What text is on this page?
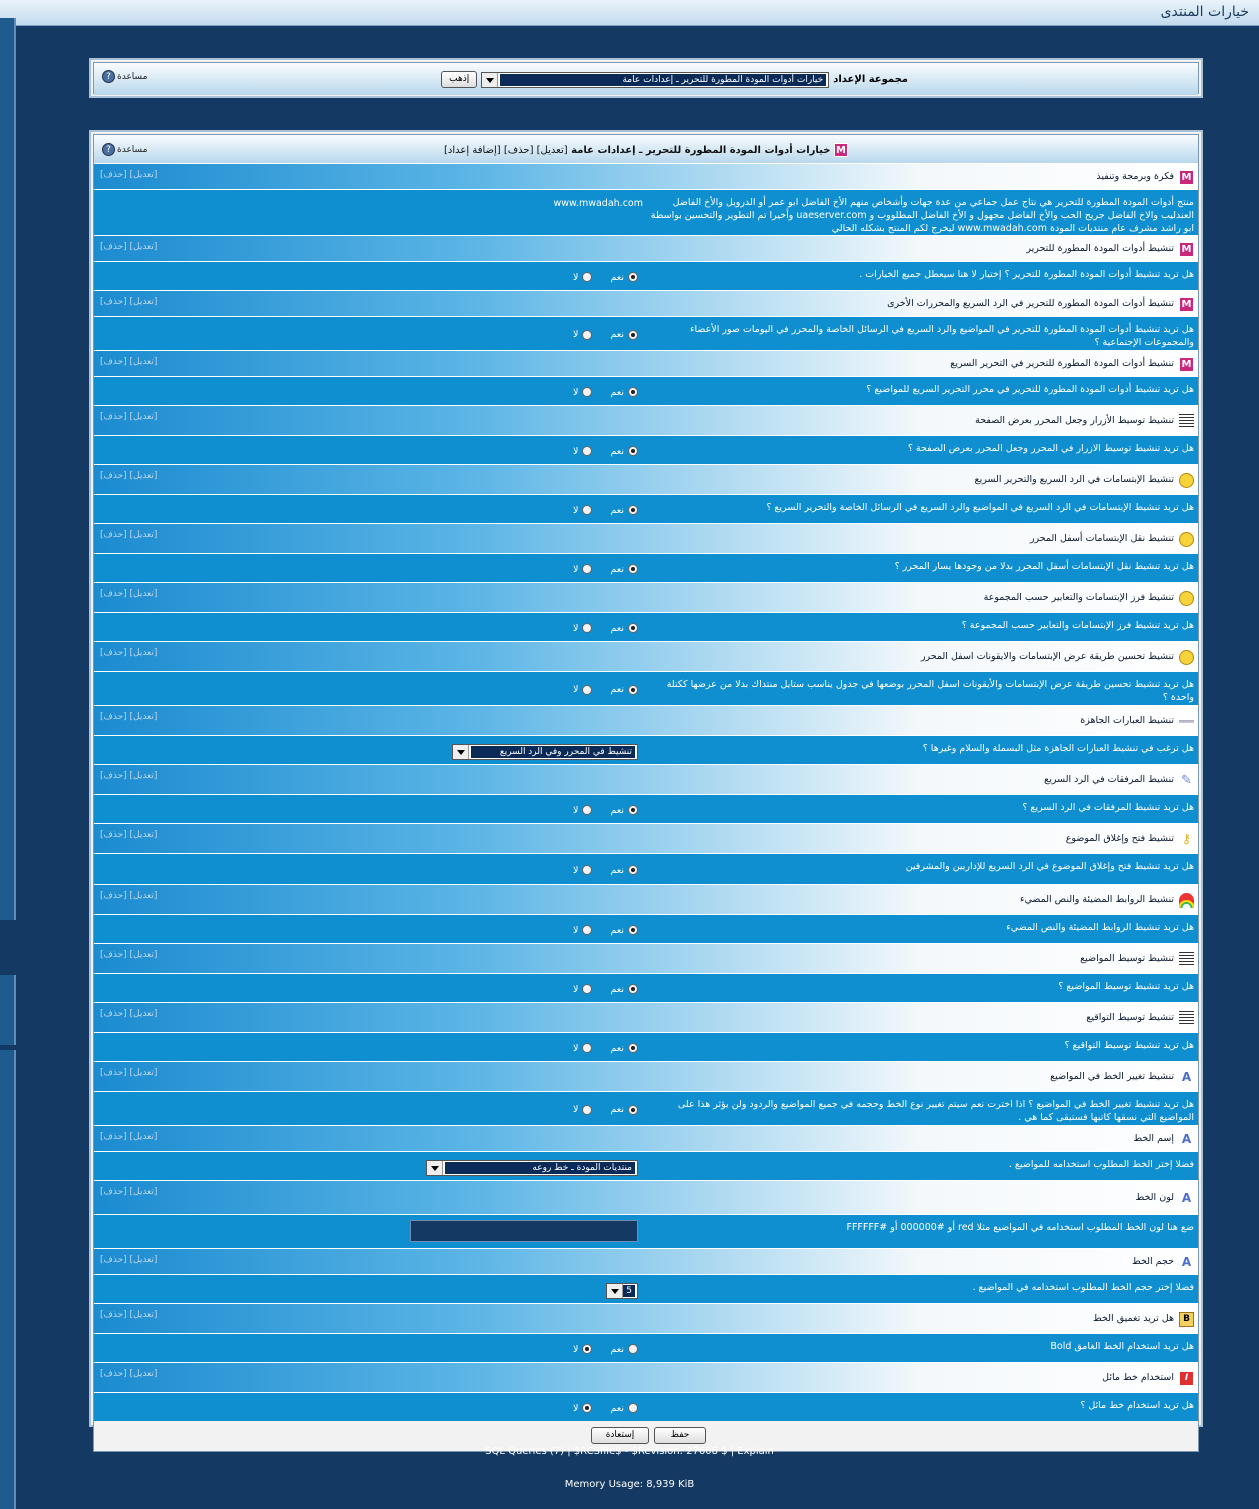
خيارات المنتدى
مجموعة الإعداد
خيارات أدوات المودة المطورة للتحرير ـ إعدادات عامة
إذهب
مساعدة
?
M خيارات أدوات المودة المطورة للتحرير ـ إعدادات عامة [تعديل] [حذف] [إضافة إعداد]
مساعدة
?
M
فكرة وبرمجة وتنفيذ
[تعديل] [حذف]
منتج أدوات المودة المطورة للتحرير هي نتاج عمل جماعي من عدة جهات وأشخاص منهم الأخ الفاضل ابو عمر أو الدرويل والأخ الفاضل العندليب والاخ الفاضل جريح الحب والأخ الفاضل مجهول و الأخ الفاضل المطلووب و uaeserver.com وأخيرا تم التطوير والتحسين بواسطة ابو راشد مشرف عام منتديات المودة www.mwadah.com ليخرج لكم المنتج بشكله الحالي
www.mwadah.com
M
تنشيط أدوات المودة المطورة للتحرير
[تعديل] [حذف]
هل تريد تنشيط أدوات المودة المطورة للتحرير ؟ إختيار لا هنا سيعطل جميع الخيارات .
نعم
لا
M
تنشيط أدوات المودة المطورة للتحرير في الرد السريع والمحررات الأخرى
[تعديل] [حذف]
هل تريد تنشيط أدوات المودة المطورة للتحرير في المواضيع والرد السريع في الرسائل الخاصة والمحرر في اليومات صور الأعضاء والمجموعات الإجتماعية ؟
نعم
لا
M
تنشيط أدوات المودة المطورة للتحرير في التحرير السريع
[تعديل] [حذف]
هل تريد تنشيط أدوات المودة المطورة للتحرير في محرر التحرير السريع للمواضيع ؟
نعم
لا
تنشيط توسيط الأزرار وجعل المحرر بعرض الصفحة
[تعديل] [حذف]
هل تريد تنشيط توسيط الازرار في المحرر وجعل المحرر بعرض الصفحة ؟
نعم
لا
تنشيط الإبتسامات في الرد السريع والتحرير السريع
[تعديل] [حذف]
هل تريد تنشيط الإبتسامات في الرد السريع في المواضيع والرد السريع في الرسائل الخاصة والتحرير السريع ؟
نعم
لا
تنشيط نقل الإبتسامات أسفل المحرر
[تعديل] [حذف]
هل تريد تنشيط نقل الإبتسامات أسفل المحرر بدلا من وجودها يسار المحرر ؟
نعم
لا
تنشيط فرز الإبتسامات والتعابير حسب المجموعة
[تعديل] [حذف]
هل تريد تنشيط فرز الإبتسامات والتعابير حسب المجموعة ؟
نعم
لا
تنشيط تحسين طريقة عرض الإبتسامات والايقونات اسفل المحرر
[تعديل] [حذف]
هل تريد تنشيط تحسين طريقة عرض الإبتسامات والأيقونات اسفل المحرر بوضعها في جدول يناسب ستايل منتداك بدلا من عرضها ككتلة واحدة ؟
نعم
لا
تنشيط العبارات الجاهزة
[تعديل] [حذف]
هل ترغب في تنشيط العبارات الجاهزة مثل البسملة والسلام وغيرها ؟
تنشيط في المحرر وفي الرد السريع
✎
تنشيط المرفقات في الرد السريع
[تعديل] [حذف]
هل تريد تنشيط المرفقات في الرد السريع ؟
نعم
لا
⚷
تنشيط فتح وإغلاق الموضوع
[تعديل] [حذف]
هل تريد تنشيط فتح وإغلاق الموضوع في الرد السريع للإداريين والمشرفين
نعم
لا
تنشيط الروابط المضيئة والنص المضيء
[تعديل] [حذف]
هل تريد تنشيط الروابط المضيئة والنص المضيء
نعم
لا
تنشيط توسيط المواضيع
[تعديل] [حذف]
هل تريد تنشيط توسيط المواضيع ؟
نعم
لا
تنشيط توسيط التواقيع
[تعديل] [حذف]
هل تريد تنشيط توسيط التواقيع ؟
نعم
لا
A
تنشيط تغيير الخط في المواضيع
[تعديل] [حذف]
هل تريد تنشيط تغيير الخط في المواضيع ؟ اذا اخترت نعم سيتم تغيير نوع الخط وحجمه في جميع المواضيع والردود ولن يؤثر هذا على المواضيع التي نسقها كاتبها فستبقى كما هي .
نعم
لا
A
إسم الخط
[تعديل] [حذف]
فضلا إختر الخط المطلوب استخدامه للمواضيع .
منتديات المودة ـ خط روعه
A
لون الخط
[تعديل] [حذف]
ضع هنا لون الخط المطلوب استخدامه في المواضيع مثلا red أو #000000 أو #FFFFFF
A
حجم الخط
[تعديل] [حذف]
فضلا إختر حجم الخط المطلوب استخدامه في المواضيع .
5
B
هل تريد تغميق الخط
[تعديل] [حذف]
هل تريد استخدام الخط الغامق Bold
نعم
لا
I
استخدام خط مائل
[تعديل] [حذف]
هل تريد استخدام خط مائل ؟
نعم
لا
حفظ
إستعادة
SQL Queries (7) | $RCSfile$ - $Revision: 27608 $ | Explain
Memory Usage: 8,939 KiB
